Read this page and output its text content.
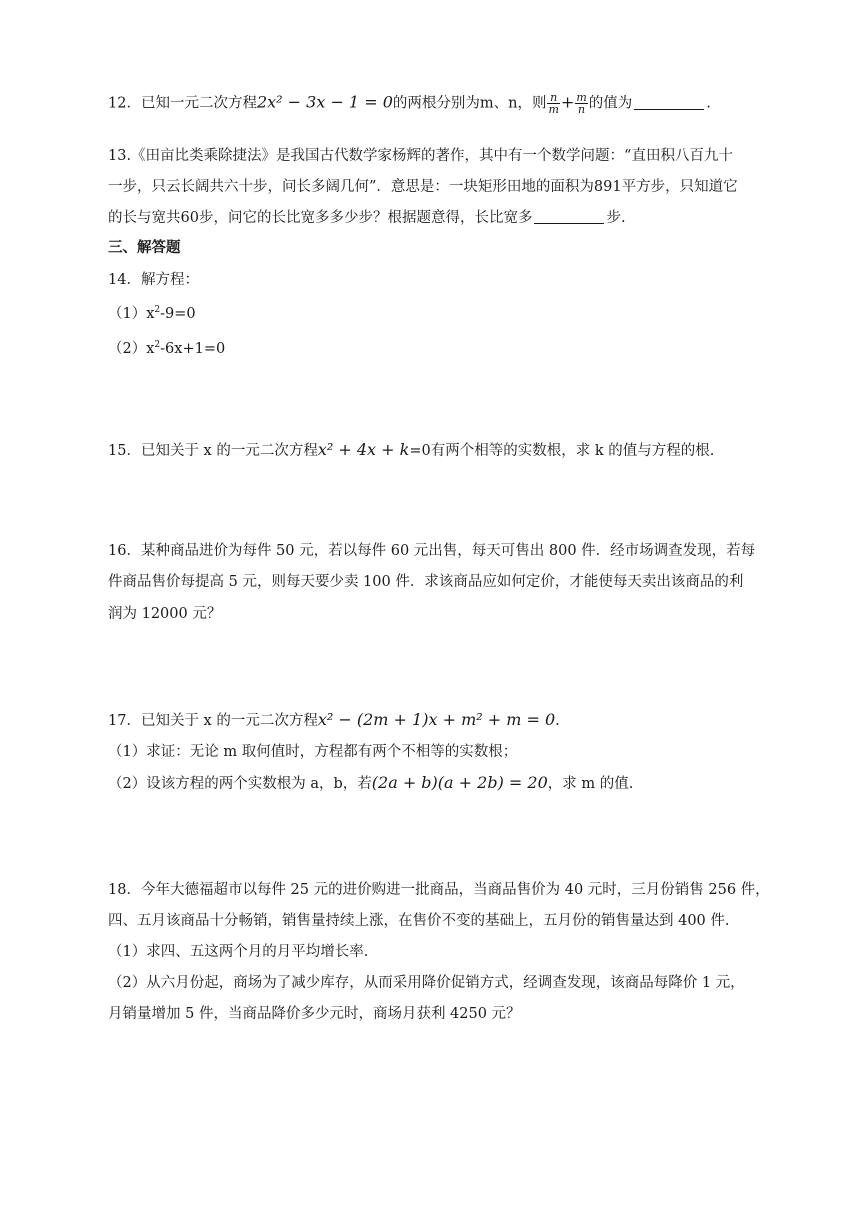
12．已知一元二次方程2x² − 3x − 1 = 0的两根分别为m、n，则 $\frac{n}{m} + \frac{m}{n}$ 的值为	.
13.《田亩比类乘除捷法》是我国古代数学家杨辉的著作，其中有一个数学问题：“直田积八百九十
一步，只云长阔共六十步，问长多阔几何”．意思是：一块矩形田地的面积为891平方步，只知道它
的长与宽共60步，问它的长比宽多多少步？根据题意得，长比宽多	步.
三、解答题
14．解方程：
$(1)x^2-9=0$
$(2)x^2-6x+1=0$
15．已知关于 x 的一元二次方程x² + 4x + k=0有两个相等的实数根，求 k 的值与方程的根.
16．某种商品进价为每件 50 元，若以每件 60 元出售，每天可售出 800 件．经市场调查发现，若每
件商品售价每提高 5 元，则每天要少卖 100 件．求该商品应如何定价，才能使每天卖出该商品的利
润为 12000 元？
17．已知关于 x 的一元二次方程x² − (2m + 1)x + m² + m = 0.
（1）求证：无论 m 取何值时，方程都有两个不相等的实数根；
（2）设该方程的两个实数根为 a，b，若(2a + b)(a + 2b) = 20，求 m 的值.
18．今年大德福超市以每件 25 元的进价购进一批商品，当商品售价为 40 元时，三月份销售 256 件，
四、五月该商品十分畅销，销售量持续上涨，在售价不变的基础上，五月份的销售量达到 400 件.
（1）求四、五这两个月的月平均增长率.
（2）从六月份起，商场为了减少库存，从而采用降价促销方式，经调查发现，该商品每降价 1 元，
月销量增加 5 件，当商品降价多少元时，商场月获利 4250 元？
